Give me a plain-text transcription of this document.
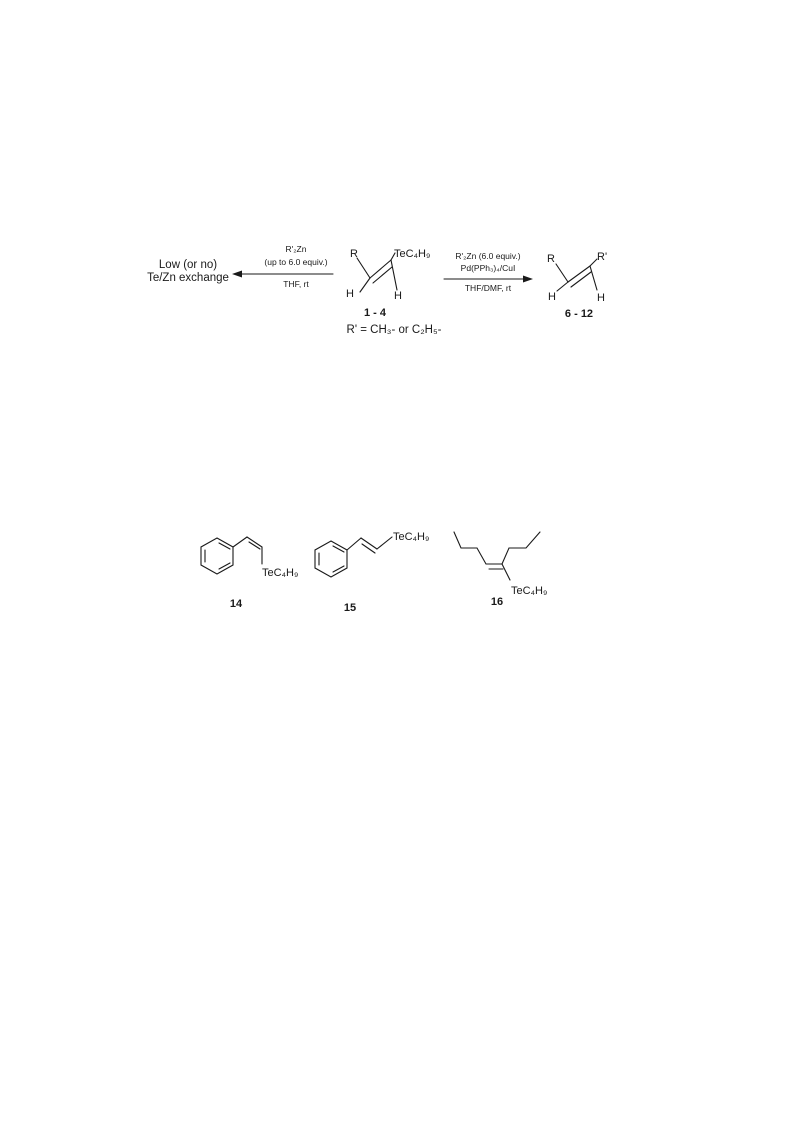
Low (or no)
Te/Zn exchange
R'₂Zn
(up to 6.0 equiv.)
THF, rt
R	TeC₄H₉
H	H
1 - 4
R' = CH₃- or C₂H₅-
R'₂Zn (6.0 equiv.)
Pd(PPh₃)₄/CuI
THF/DMF, rt
R	R'
H	H
6 - 12
TeC₄H₉
14
TeC₄H₉
15
TeC₄H₉
16
